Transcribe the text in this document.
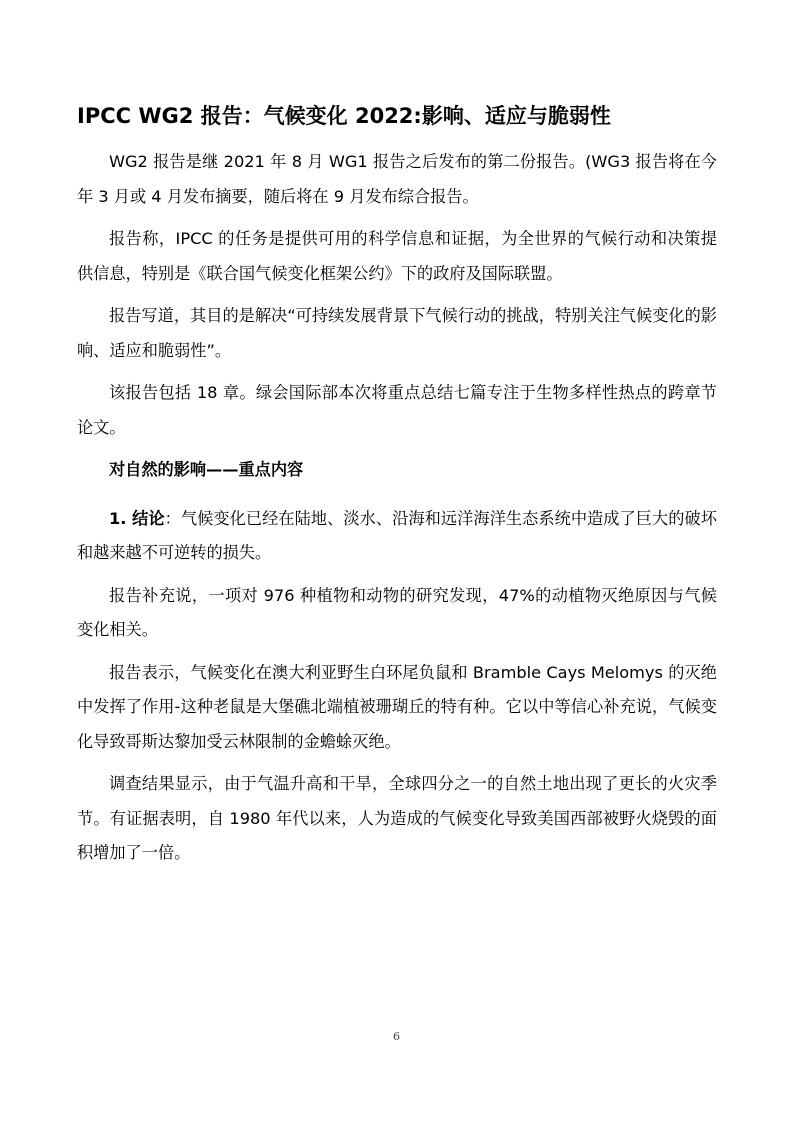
IPCC WG2 报告：气候变化 2022:影响、适应与脆弱性

WG2 报告是继 2021 年 8 月 WG1 报告之后发布的第二份报告。(WG3 报告将在今年 3 月或 4 月发布摘要，随后将在 9 月发布综合报告。

报告称，IPCC 的任务是提供可用的科学信息和证据，为全世界的气候行动和决策提供信息，特别是《联合国气候变化框架公约》下的政府及国际联盟。

报告写道，其目的是解决“可持续发展背景下气候行动的挑战，特别关注气候变化的影响、适应和脆弱性”。

该报告包括 18 章。绿会国际部本次将重点总结七篇专注于生物多样性热点的跨章节论文。

对自然的影响——重点内容

1. 结论：气候变化已经在陆地、淡水、沿海和远洋海洋生态系统中造成了巨大的破坏和越来越不可逆转的损失。

报告补充说，一项对 976 种植物和动物的研究发现，47%的动植物灭绝原因与气候变化相关。

报告表示，气候变化在澳大利亚野生白环尾负鼠和 Bramble Cays Melomys 的灭绝中发挥了作用-这种老鼠是大堡礁北端植被珊瑚丘的特有种。它以中等信心补充说，气候变化导致哥斯达黎加受云林限制的金蟾蜍灭绝。

调查结果显示，由于气温升高和干旱，全球四分之一的自然土地出现了更长的火灾季节。有证据表明，自 1980 年代以来，人为造成的气候变化导致美国西部被野火烧毁的面积增加了一倍。

6
